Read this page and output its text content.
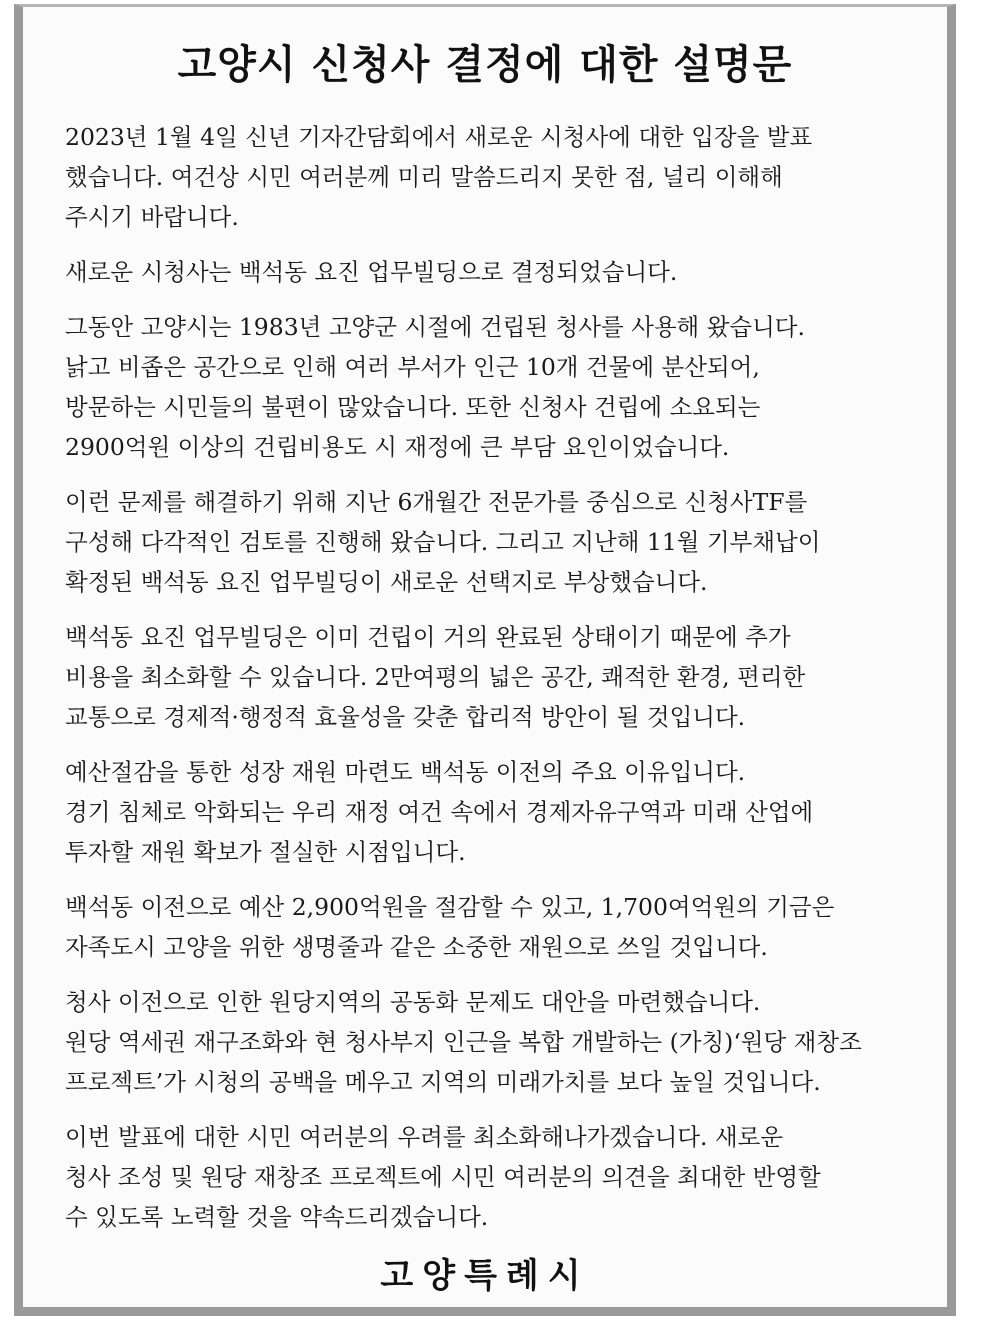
고양시 신청사 결정에 대한 설명문

2023년 1월 4일 신년 기자간담회에서 새로운 시청사에 대한 입장을 발표
했습니다. 여건상 시민 여러분께 미리 말씀드리지 못한 점, 널리 이해해
주시기 바랍니다.

새로운 시청사는 백석동 요진 업무빌딩으로 결정되었습니다.

그동안 고양시는 1983년 고양군 시절에 건립된 청사를 사용해 왔습니다.
낡고 비좁은 공간으로 인해 여러 부서가 인근 10개 건물에 분산되어,
방문하는 시민들의 불편이 많았습니다. 또한 신청사 건립에 소요되는
2900억원 이상의 건립비용도 시 재정에 큰 부담 요인이었습니다.

이런 문제를 해결하기 위해 지난 6개월간 전문가를 중심으로 신청사TF를
구성해 다각적인 검토를 진행해 왔습니다. 그리고 지난해 11월 기부채납이
확정된 백석동 요진 업무빌딩이 새로운 선택지로 부상했습니다.

백석동 요진 업무빌딩은 이미 건립이 거의 완료된 상태이기 때문에 추가
비용을 최소화할 수 있습니다. 2만여평의 넓은 공간, 쾌적한 환경, 편리한
교통으로 경제적·행정적 효율성을 갖춘 합리적 방안이 될 것입니다.

예산절감을 통한 성장 재원 마련도 백석동 이전의 주요 이유입니다.
경기 침체로 악화되는 우리 재정 여건 속에서 경제자유구역과 미래 산업에
투자할 재원 확보가 절실한 시점입니다.

백석동 이전으로 예산 2,900억원을 절감할 수 있고, 1,700여억원의 기금은
자족도시 고양을 위한 생명줄과 같은 소중한 재원으로 쓰일 것입니다.

청사 이전으로 인한 원당지역의 공동화 문제도 대안을 마련했습니다.
원당 역세권 재구조화와 현 청사부지 인근을 복합 개발하는 (가칭)‘원당 재창조
프로젝트’가 시청의 공백을 메우고 지역의 미래가치를 보다 높일 것입니다.

이번 발표에 대한 시민 여러분의 우려를 최소화해나가겠습니다. 새로운
청사 조성 및 원당 재창조 프로젝트에 시민 여러분의 의견을 최대한 반영할
수 있도록 노력할 것을 약속드리겠습니다.

고양특례시
